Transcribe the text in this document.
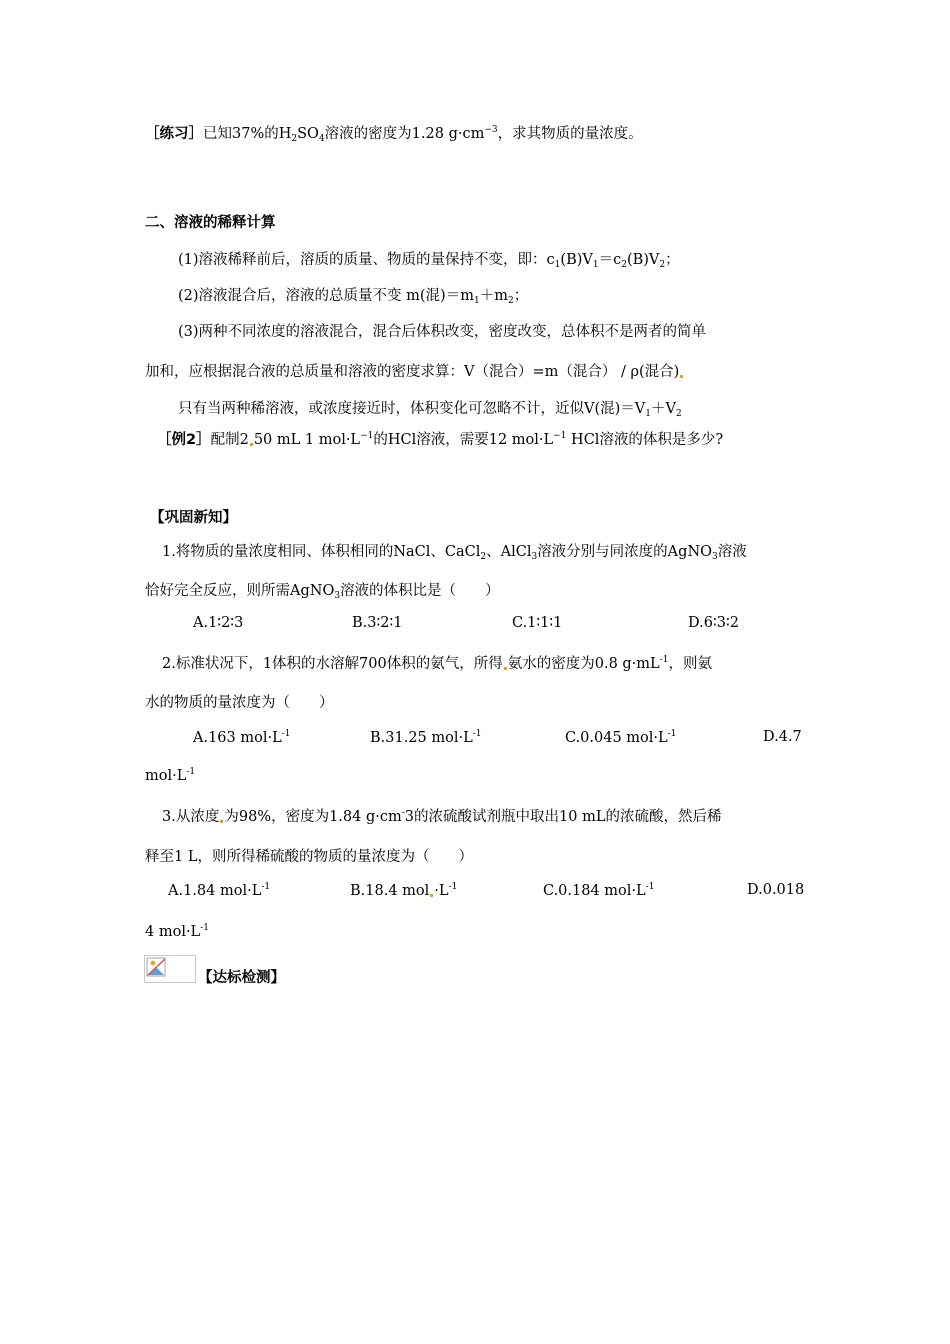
［练习］已知37%的$H_2SO_4$溶液的密度为1.28 $g\cdot cm^{-3}$，求其物质的量浓度。
二、溶液的稀释计算
(1)溶液稀释前后，溶质的质量、物质的量保持不变，即：$c_1(B)V_1=c_2(B)V_2$；
(2)溶液混合后，溶液的总质量不变 m(混)$=m_1+m_2$；
(3)两种不同浓度的溶液混合，混合后体积改变，密度改变，总体积不是两者的简单
加和，应根据混合液的总质量和溶液的密度求算：V（混合）=m（混合） / ρ(混合)
只有当两种稀溶液，或浓度接近时，体积变化可忽略不计，近似V(混)$=V_1+V_2$
［例2］配制2 50 mL 1 $mol\cdot L^{-1}$的HCl溶液，需要12 $mol\cdot L^{-1}$ HCl溶液的体积是多少?
【巩固新知】
1.将物质的量浓度相同、体积相同的NaCl、CaCl$_2$、AlCl$_3$溶液分别与同浓度的AgNO$_3$溶液
恰好完全反应，则所需AgNO$_3$溶液的体积比是（　　）
A.1∶2∶3	B.3∶2∶1	C.1∶1∶1	D.6∶3∶2
2.标准状况下，1体积的水溶解700体积的氨气，所得 氨水的密度为0.8 $g\cdot mL^{-1}$，则氨
水的物质的量浓度为（　　）
A.163 $mol\cdot L^{-1}$	B.31.25 $mol\cdot L^{-1}$	C.0.045 $mol\cdot L^{-1}$	D.4.7
$mol\cdot L^{-1}$
3.从浓度 为98%，密度为1.84 g·cm-3的浓硫酸试剂瓶中取出10 mL的浓硫酸，然后稀
释至1 L，则所得稀硫酸的物质的量浓度为（　　）
A.1.84 $mol\cdot L^{-1}$	B.18.4 mol $\cdot L^{-1}$	C.0.184 $mol\cdot L^{-1}$	D.0.018
4 $mol\cdot L^{-1}$
【达标检测】
